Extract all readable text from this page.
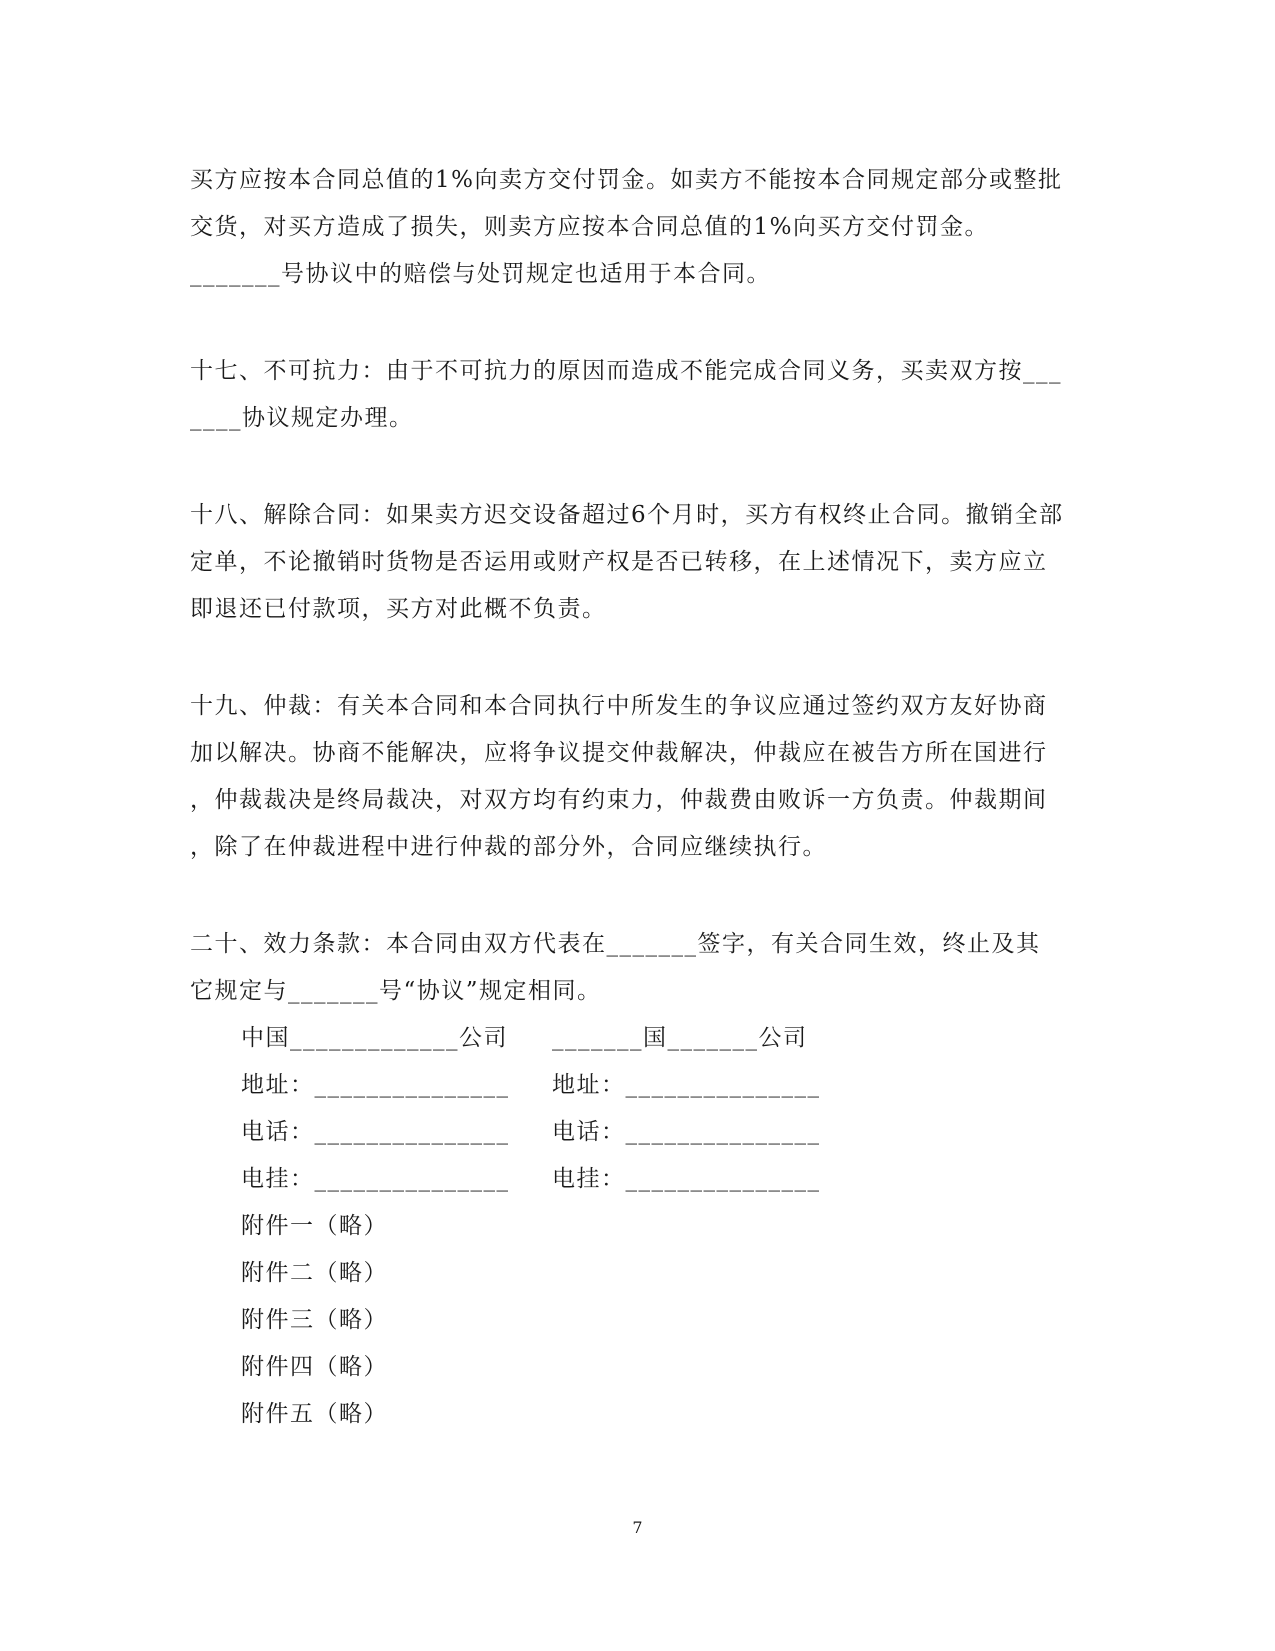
买方应按本合同总值的1%向卖方交付罚金。如卖方不能按本合同规定部分或整批
交货，对买方造成了损失，则卖方应按本合同总值的1%向买方交付罚金。
_______号协议中的赔偿与处罚规定也适用于本合同。
十七、不可抗力：由于不可抗力的原因而造成不能完成合同义务，买卖双方按___
____协议规定办理。
十八、解除合同：如果卖方迟交设备超过6个月时，买方有权终止合同。撤销全部
定单，不论撤销时货物是否运用或财产权是否已转移，在上述情况下，卖方应立
即退还已付款项，买方对此概不负责。
十九、仲裁：有关本合同和本合同执行中所发生的争议应通过签约双方友好协商
加以解决。协商不能解决，应将争议提交仲裁解决，仲裁应在被告方所在国进行
，仲裁裁决是终局裁决，对双方均有约束力，仲裁费由败诉一方负责。仲裁期间
，除了在仲裁进程中进行仲裁的部分外，合同应继续执行。
二十、效力条款：本合同由双方代表在_______签字，有关合同生效，终止及其
它规定与_______号“协议”规定相同。
中国_____________公司
地址：_______________
电话：_______________
电挂：_______________
_______国_______公司
地址：_______________
电话：_______________
电挂：_______________
附件一（略）
附件二（略）
附件三（略）
附件四（略）
附件五（略）
7
